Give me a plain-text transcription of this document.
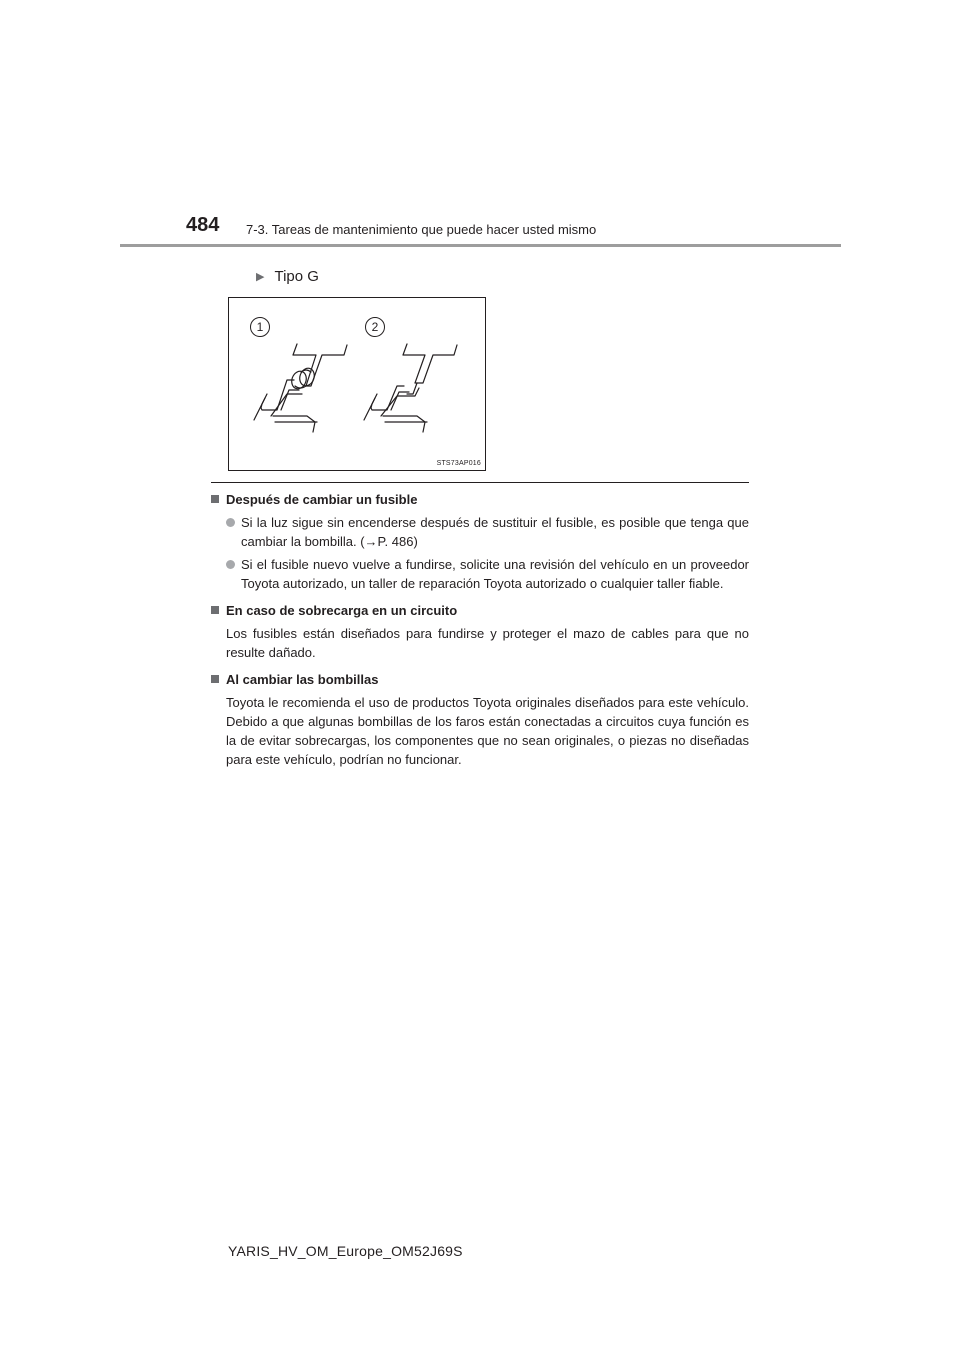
484 7-3. Tareas de mantenimiento que puede hacer usted mismo
▶ Tipo G
1	2
STS73AP016
Después de cambiar un fusible
Si la luz sigue sin encenderse después de sustituir el fusible, es posible que tenga que cambiar la bombilla. (→P. 486)
Si el fusible nuevo vuelve a fundirse, solicite una revisión del vehículo en un proveedor Toyota autorizado, un taller de reparación Toyota autorizado o cualquier taller fiable.
En caso de sobrecarga en un circuito
Los fusibles están diseñados para fundirse y proteger el mazo de cables para que no resulte dañado.
Al cambiar las bombillas
Toyota le recomienda el uso de productos Toyota originales diseñados para este vehículo. Debido a que algunas bombillas de los faros están conectadas a circuitos cuya función es la de evitar sobrecargas, los componentes que no sean originales, o piezas no diseñadas para este vehículo, podrían no funcionar.
YARIS_HV_OM_Europe_OM52J69S
